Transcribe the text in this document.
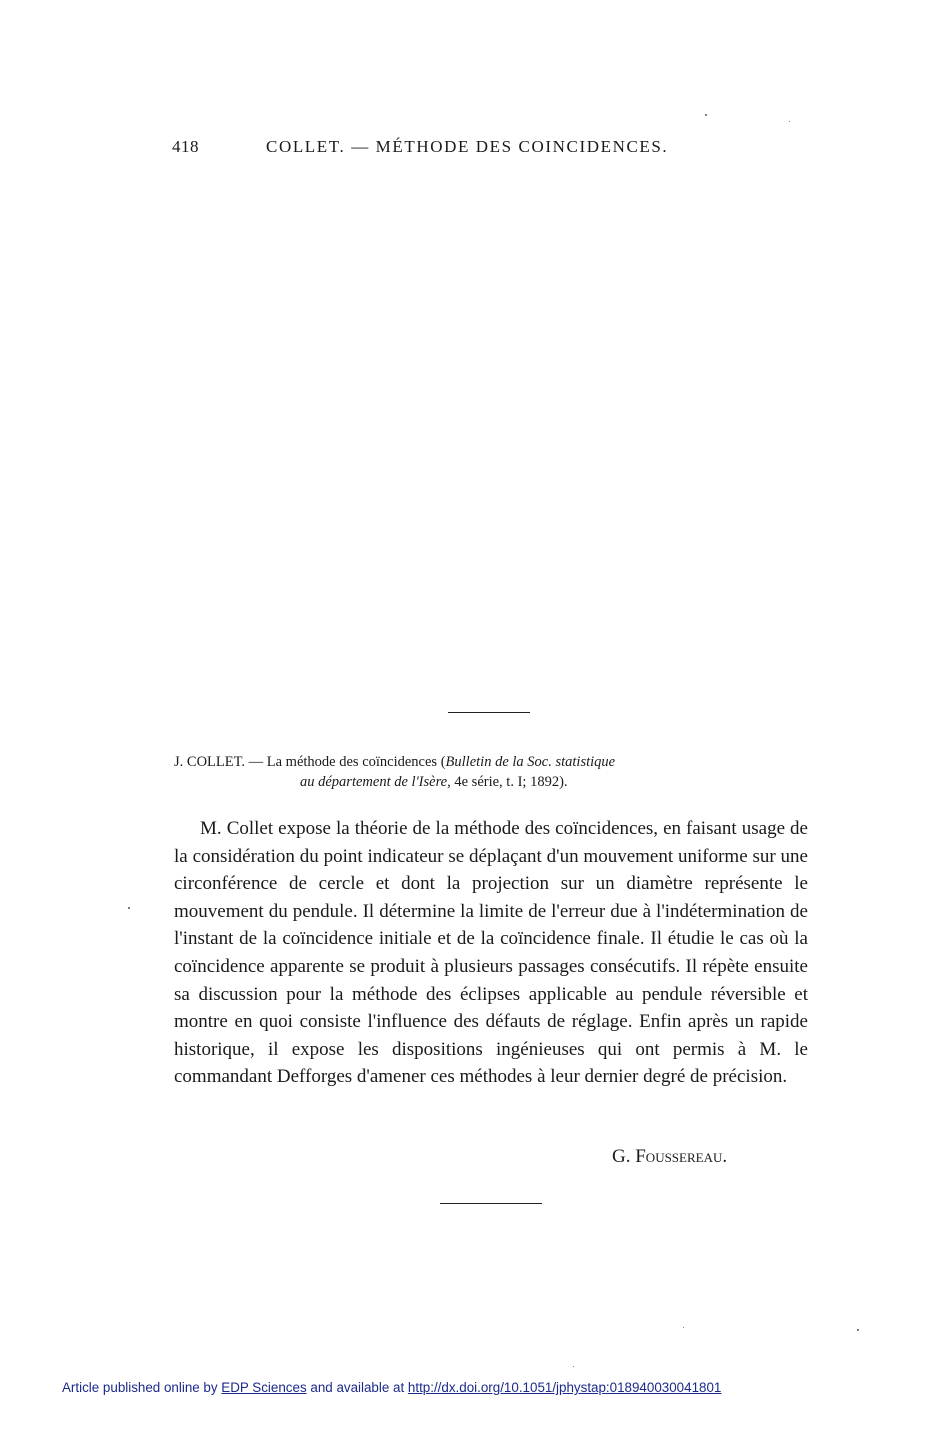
418	COLLET. — MÉTHODE DES COINCIDENCES.
J. COLLET. — La méthode des coïncidences (Bulletin de la Soc. statistique
au département de l'Isère, 4e série, t. I; 1892).

M. Collet expose la théorie de la méthode des coïncidences, en faisant usage de la considération du point indicateur se déplaçant d'un mouvement uniforme sur une circonférence de cercle et dont la projection sur un diamètre représente le mouvement du pendule. Il détermine la limite de l'erreur due à l'indétermination de l'instant de la coïncidence initiale et de la coïncidence finale. Il étudie le cas où la coïncidence apparente se produit à plusieurs passages consécutifs. Il répète ensuite sa discussion pour la méthode des éclipses applicable au pendule réversible et montre en quoi consiste l'influence des défauts de réglage. Enfin après un rapide historique, il expose les dispositions ingénieuses qui ont permis à M. le commandant Defforges d'amener ces méthodes à leur dernier degré de précision.

G. Foussereau.
Article published online by EDP Sciences and available at http://dx.doi.org/10.1051/jphystap:018940030041801
